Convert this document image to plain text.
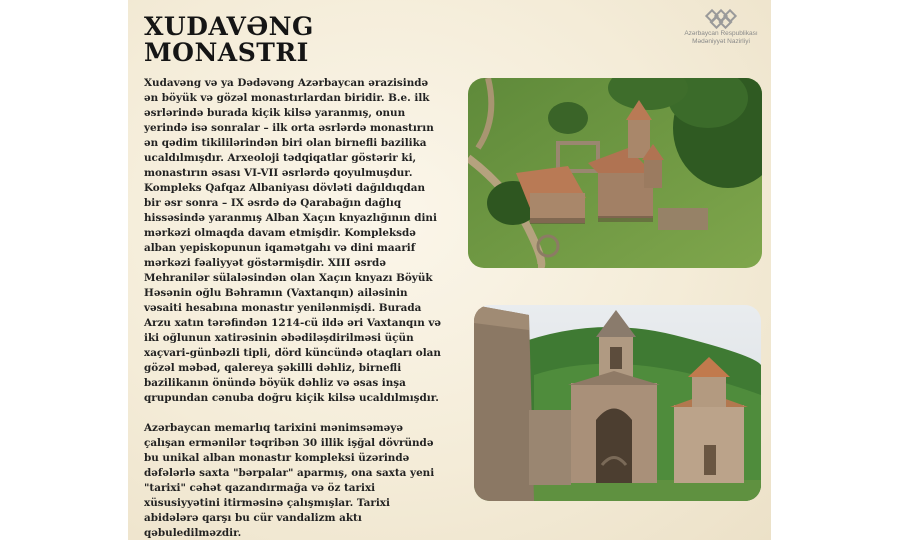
XUDAVƏNG
MONASTRI
Azərbaycan Respublikası
Mədəniyyət Nazirliyi

Xudavəng və ya Dədəvəng Azərbaycan ərazisində ən böyük və gözəl monastırlardan biridir. B.e. ilk əsrlərində burada kiçik kilsə yaranmış, onun yerində isə sonralar – ilk orta əsrlərdə monastırın ən qədim tikililərindən biri olan birnefli bazilika ucaldılmışdır. Arxeoloji tədqiqatlar göstərir ki, monastırın əsası VI-VII əsrlərdə qoyulmuşdur. Kompleks Qafqaz Albaniyası dövləti dağıldıqdan bir əsr sonra – IX əsrdə də Qarabağın dağlıq hissəsində yaranmış Alban Xaçın knyazlığının dini mərkəzi olmaqda davam etmişdir. Kompleksdə alban yepiskopunun iqamətgahı və dini maarif mərkəzi fəaliyyət göstərmişdir. XIII əsrdə Mehranilər sülaləsindən olan Xaçın knyazı Böyük Həsənin oğlu Bəhramın (Vaxtanqın) ailəsinin vəsaiti hesabına monastır yenilənmişdi. Burada Arzu xatın tərəfindən 1214-cü ildə əri Vaxtanqın və iki oğlunun xatirəsinin əbədiləşdirilməsi üçün xaçvari-günbəzli tipli, dörd küncündə otaqları olan gözəl məbəd, qalereya şəkilli dəhliz, birnefli bazilikanın önündə böyük dəhliz və əsas inşa qrupundan cənuba doğru kiçik kilsə ucaldılmışdır.

Azərbaycan memarlıq tarixini mənimsəməyə çalışan ermənilər təqribən 30 illik işğal dövründə bu unikal alban monastır kompleksi üzərində dəfələrlə saxta "bərpalar" aparmış, ona saxta yeni "tarixi" cəhət qazandırmağa və öz tarixi xüsusiyyətini itirməsinə çalışmışlar. Tarixi abidələrə qarşı bu cür vandalizm aktı qəbuledilməzdir.
